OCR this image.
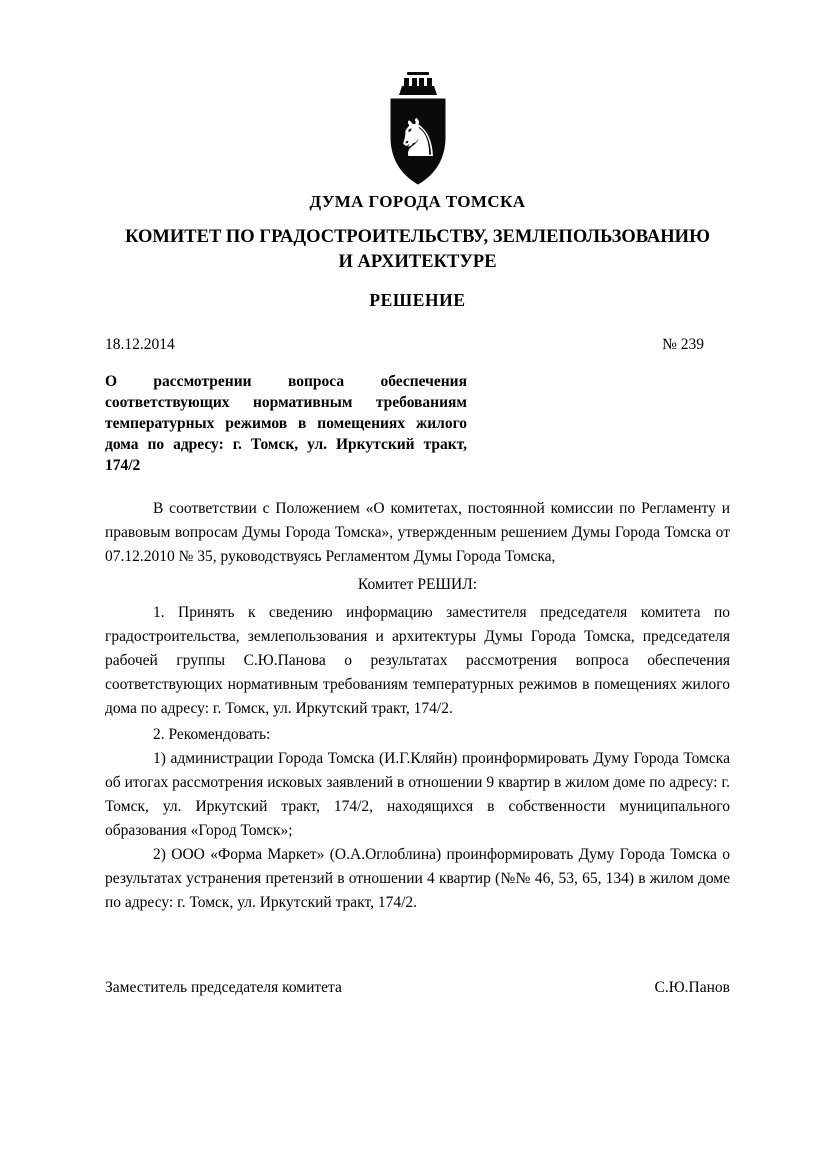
♞
ДУМА ГОРОДА ТОМСКА
КОМИТЕТ ПО ГРАДОСТРОИТЕЛЬСТВУ, ЗЕМЛЕПОЛЬЗОВАНИЮ
И АРХИТЕКТУРЕ
РЕШЕНИЕ
18.12.2014	№ 239
О рассмотрении вопроса обеспечения соответствующих нормативным требованиям температурных режимов в помещениях жилого дома по адресу: г. Томск, ул. Иркутский тракт, 174/2

В соответствии с Положением «О комитетах, постоянной комиссии по Регламенту и правовым вопросам Думы Города Томска», утвержденным решением Думы Города Томска от 07.12.2010 № 35, руководствуясь Регламентом Думы Города Томска,

Комитет РЕШИЛ:

1. Принять к сведению информацию заместителя председателя комитета по градостроительства, землепользования и архитектуры Думы Города Томска, председателя рабочей группы С.Ю.Панова о результатах рассмотрения вопроса обеспечения соответствующих нормативным требованиям температурных режимов в помещениях жилого дома по адресу: г. Томск, ул. Иркутский тракт, 174/2.

2. Рекомендовать:

1) администрации Города Томска (И.Г.Кляйн) проинформировать Думу Города Томска об итогах рассмотрения исковых заявлений в отношении 9 квартир в жилом доме по адресу: г. Томск, ул. Иркутский тракт, 174/2, находящихся в собственности муниципального образования «Город Томск»;

2) ООО «Форма Маркет» (О.А.Оглоблина) проинформировать Думу Города Томска о результатах устранения претензий в отношении 4 квартир (№№ 46, 53, 65, 134) в жилом доме по адресу: г. Томск, ул. Иркутский тракт, 174/2.

Заместитель председателя комитета	С.Ю.Панов
